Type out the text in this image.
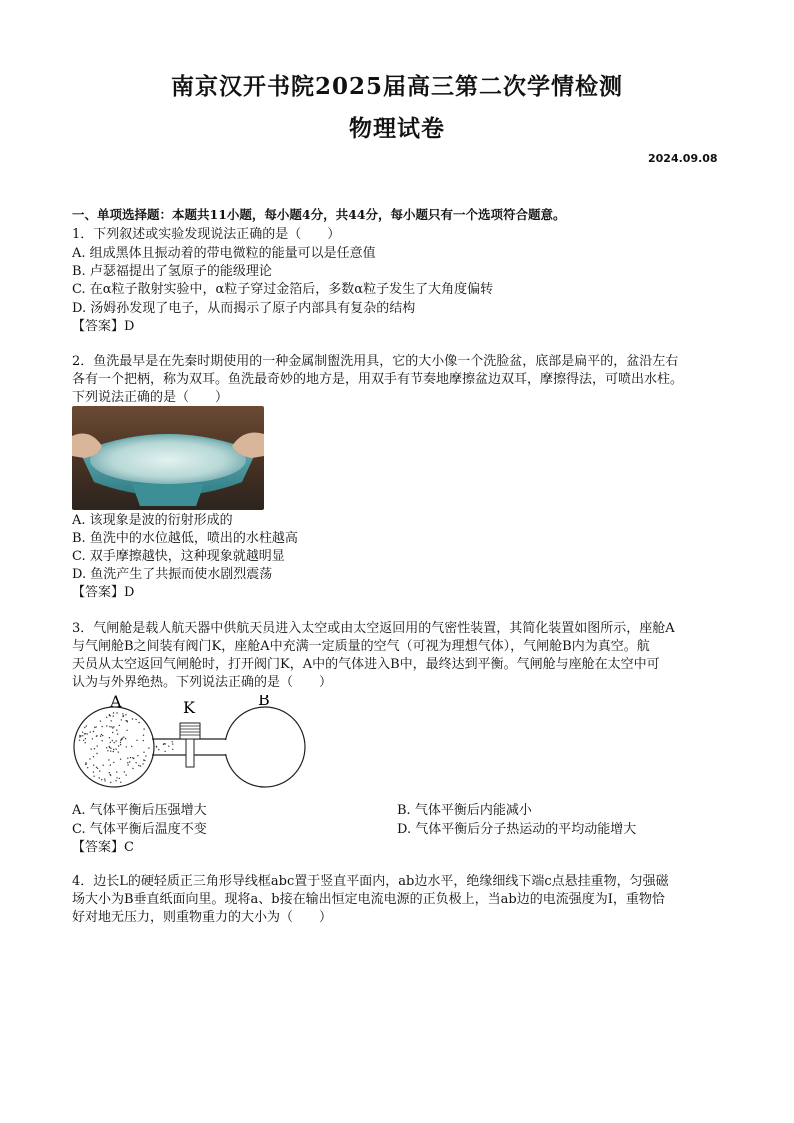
南京汉开书院2025届高三第二次学情检测
物理试卷
2024.09.08
一、单项选择题：本题共11小题，每小题4分，共44分，每小题只有一个选项符合题意。
1．下列叙述或实验发现说法正确的是（　　）
A. 组成黑体且振动着的带电微粒的能量可以是任意值
B. 卢瑟福提出了氢原子的能级理论
C. 在α粒子散射实验中，α粒子穿过金箔后，多数α粒子发生了大角度偏转
D. 汤姆孙发现了电子，从而揭示了原子内部具有复杂的结构
【答案】D
2．鱼洗最早是在先秦时期使用的一种金属制盥洗用具，它的大小像一个洗脸盆，底部是扁平的，盆沿左右
各有一个把柄，称为双耳。鱼洗最奇妙的地方是，用双手有节奏地摩擦盆边双耳，摩擦得法，可喷出水柱。
下列说法正确的是（　　）
A. 该现象是波的衍射形成的
B. 鱼洗中的水位越低，喷出的水柱越高
C. 双手摩擦越快，这种现象就越明显
D. 鱼洗产生了共振而使水剧烈震荡
【答案】D
3．气闸舱是载人航天器中供航天员进入太空或由太空返回用的气密性装置，其简化装置如图所示，座舱A
与气闸舱B之间装有阀门K，座舱A中充满一定质量的空气（可视为理想气体），气闸舱B内为真空。航
天员从太空返回气闸舱时，打开阀门K，A中的气体进入B中，最终达到平衡。气闸舱与座舱在太空中可
认为与外界绝热。下列说法正确的是（　　）
A	K	B
A. 气体平衡后压强增大	B. 气体平衡后内能减小
C. 气体平衡后温度不变	D. 气体平衡后分子热运动的平均动能增大
【答案】C
4．边长L的硬轻质正三角形导线框abc置于竖直平面内，ab边水平，绝缘细线下端c点悬挂重物，匀强磁
场大小为B垂直纸面向里。现将a、b接在输出恒定电流电源的正负极上，当ab边的电流强度为I，重物恰
好对地无压力，则重物重力的大小为（　　）
